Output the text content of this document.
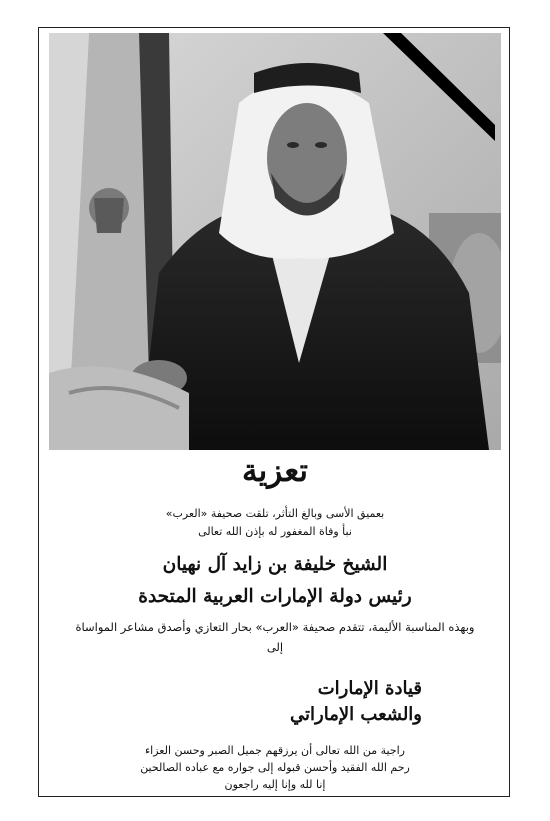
تعزية
بعميق الأسى وبالغ التأثر، تلقت صحيفة «العرب»
نبأ وفاة المغفور له بإذن الله تعالى
الشيخ خليفة بن زايد آل نهيان
رئيس دولة الإمارات العربية المتحدة
وبهذه المناسبة الأليمة، تتقدم صحيفة «العرب» بحار التعازي وأصدق مشاعر المواساة
إلى
قيادة الإمارات
والشعب الإماراتي
راجية من الله تعالى أن يرزقهم جميل الصبر وحسن العزاء
رحم الله الفقيد وأحسن قبوله إلى جواره مع عباده الصالحين
إنا لله وإنا إليه راجعون
